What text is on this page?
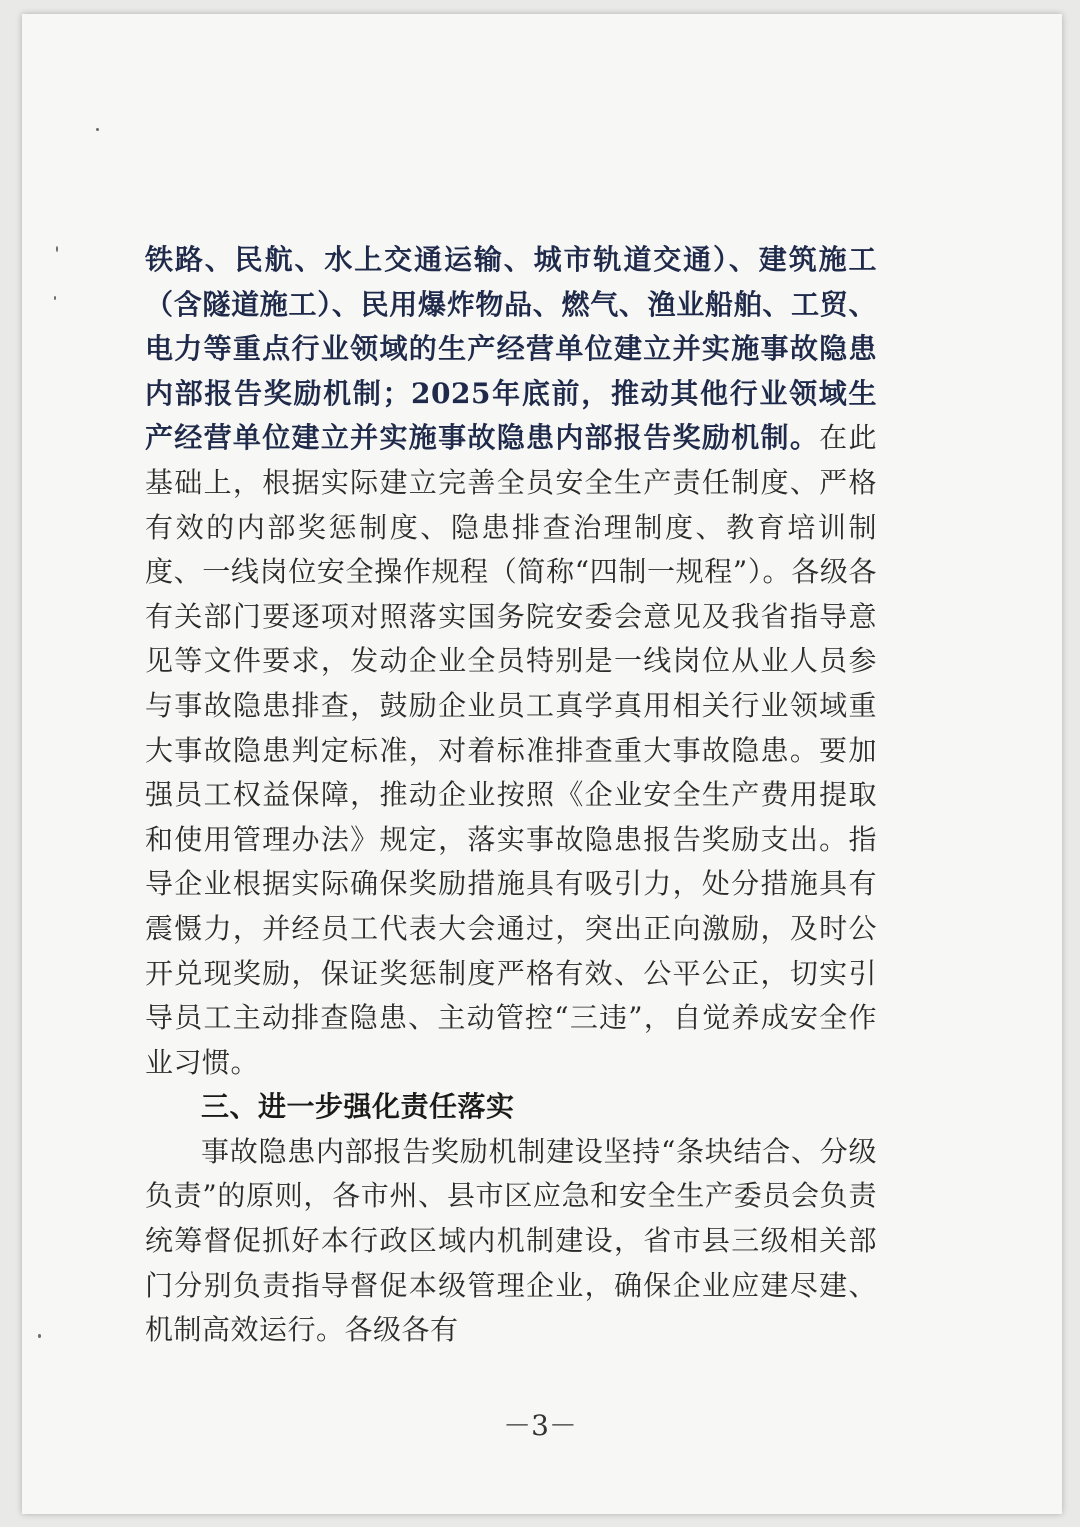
铁路、民航、水上交通运输、城市轨道交通）、建筑施工（含隧道施工）、民用爆炸物品、燃气、渔业船舶、工贸、电力等重点行业领域的生产经营单位建立并实施事故隐患内部报告奖励机制；2025年底前，推动其他行业领域生产经营单位建立并实施事故隐患内部报告奖励机制。在此基础上，根据实际建立完善全员安全生产责任制度、严格有效的内部奖惩制度、隐患排查治理制度、教育培训制度、一线岗位安全操作规程（简称“四制一规程”）。各级各有关部门要逐项对照落实国务院安委会意见及我省指导意见等文件要求，发动企业全员特别是一线岗位从业人员参与事故隐患排查，鼓励企业员工真学真用相关行业领域重大事故隐患判定标准，对着标准排查重大事故隐患。要加强员工权益保障，推动企业按照《企业安全生产费用提取和使用管理办法》规定，落实事故隐患报告奖励支出。指导企业根据实际确保奖励措施具有吸引力，处分措施具有震慑力，并经员工代表大会通过，突出正向激励，及时公开兑现奖励，保证奖惩制度严格有效、公平公正，切实引导员工主动排查隐患、主动管控“三违”，自觉养成安全作业习惯。

三、进一步强化责任落实

事故隐患内部报告奖励机制建设坚持“条块结合、分级负责”的原则，各市州、县市区应急和安全生产委员会负责统筹督促抓好本行政区域内机制建设，省市县三级相关部门分别负责指导督促本级管理企业，确保企业应建尽建、机制高效运行。各级各有

－3－
